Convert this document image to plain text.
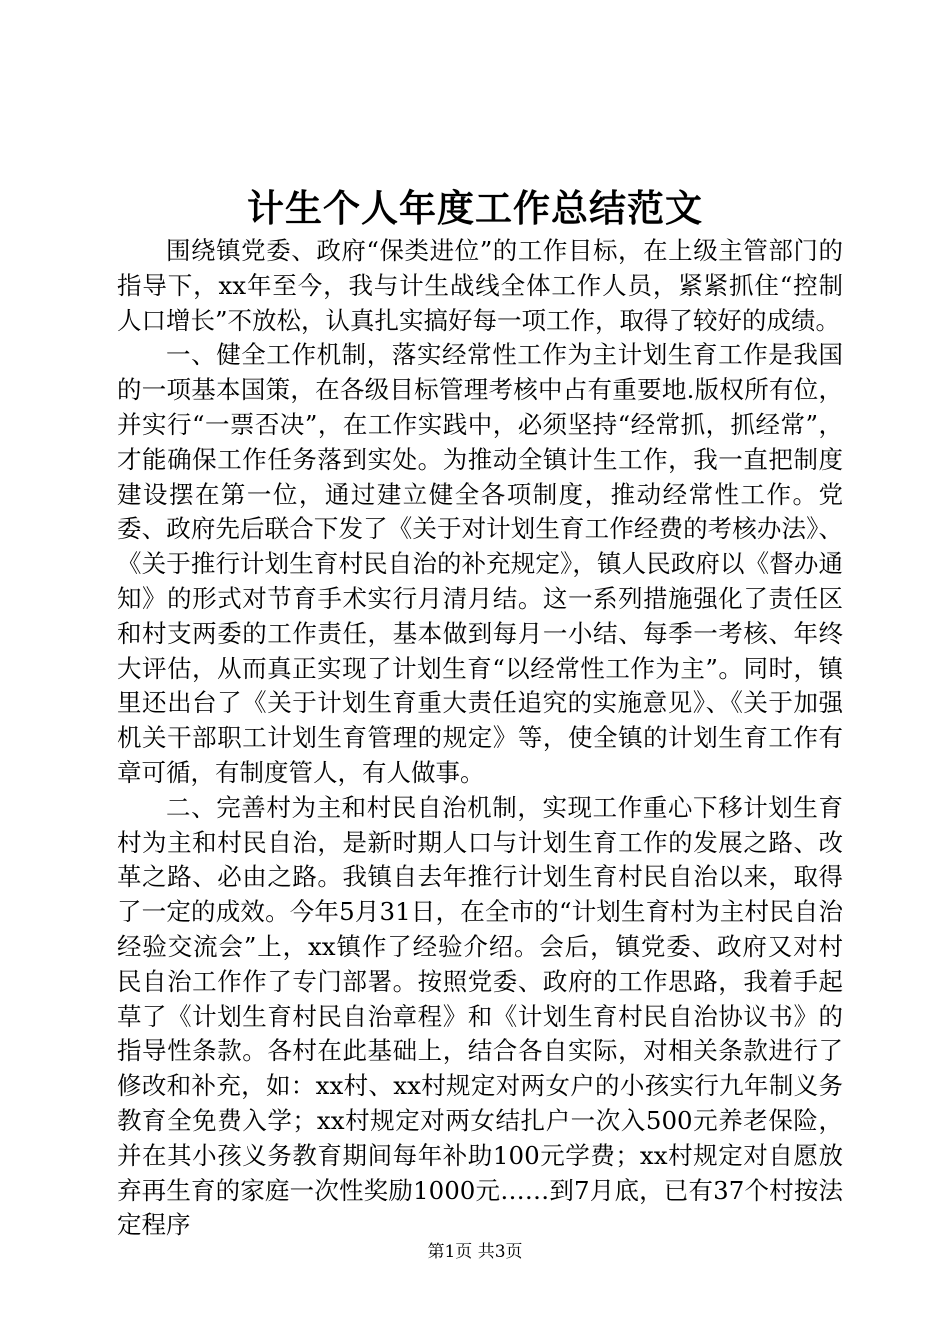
计生个人年度工作总结范文

围绕镇党委、政府“保类进位”的工作目标，在上级主管部门的指导下，xx年至今，我与计生战线全体工作人员，紧紧抓住“控制人口增长”不放松，认真扎实搞好每一项工作，取得了较好的成绩。

一、健全工作机制，落实经常性工作为主计划生育工作是我国的一项基本国策，在各级目标管理考核中占有重要地.版权所有位，并实行“一票否决”，在工作实践中，必须坚持“经常抓，抓经常”，才能确保工作任务落到实处。为推动全镇计生工作，我一直把制度建设摆在第一位，通过建立健全各项制度，推动经常性工作。党委、政府先后联合下发了《关于对计划生育工作经费的考核办法》、《关于推行计划生育村民自治的补充规定》，镇人民政府以《督办通知》的形式对节育手术实行月清月结。这一系列措施强化了责任区和村支两委的工作责任，基本做到每月一小结、每季一考核、年终大评估，从而真正实现了计划生育“以经常性工作为主”。同时，镇里还出台了《关于计划生育重大责任追究的实施意见》、《关于加强机关干部职工计划生育管理的规定》等，使全镇的计划生育工作有章可循，有制度管人，有人做事。

二、完善村为主和村民自治机制，实现工作重心下移计划生育村为主和村民自治，是新时期人口与计划生育工作的发展之路、改革之路、必由之路。我镇自去年推行计划生育村民自治以来，取得了一定的成效。今年5月31日，在全市的“计划生育村为主村民自治经验交流会”上，xx镇作了经验介绍。会后，镇党委、政府又对村民自治工作作了专门部署。按照党委、政府的工作思路，我着手起草了《计划生育村民自治章程》和《计划生育村民自治协议书》的指导性条款。各村在此基础上，结合各自实际，对相关条款进行了修改和补充，如：xx村、xx村规定对两女户的小孩实行九年制义务教育全免费入学；xx村规定对两女结扎户一次入500元养老保险，并在其小孩义务教育期间每年补助100元学费；xx村规定对自愿放弃再生育的家庭一次性奖励1000元……到7月底，已有37个村按法定程序

第1页 共3页
